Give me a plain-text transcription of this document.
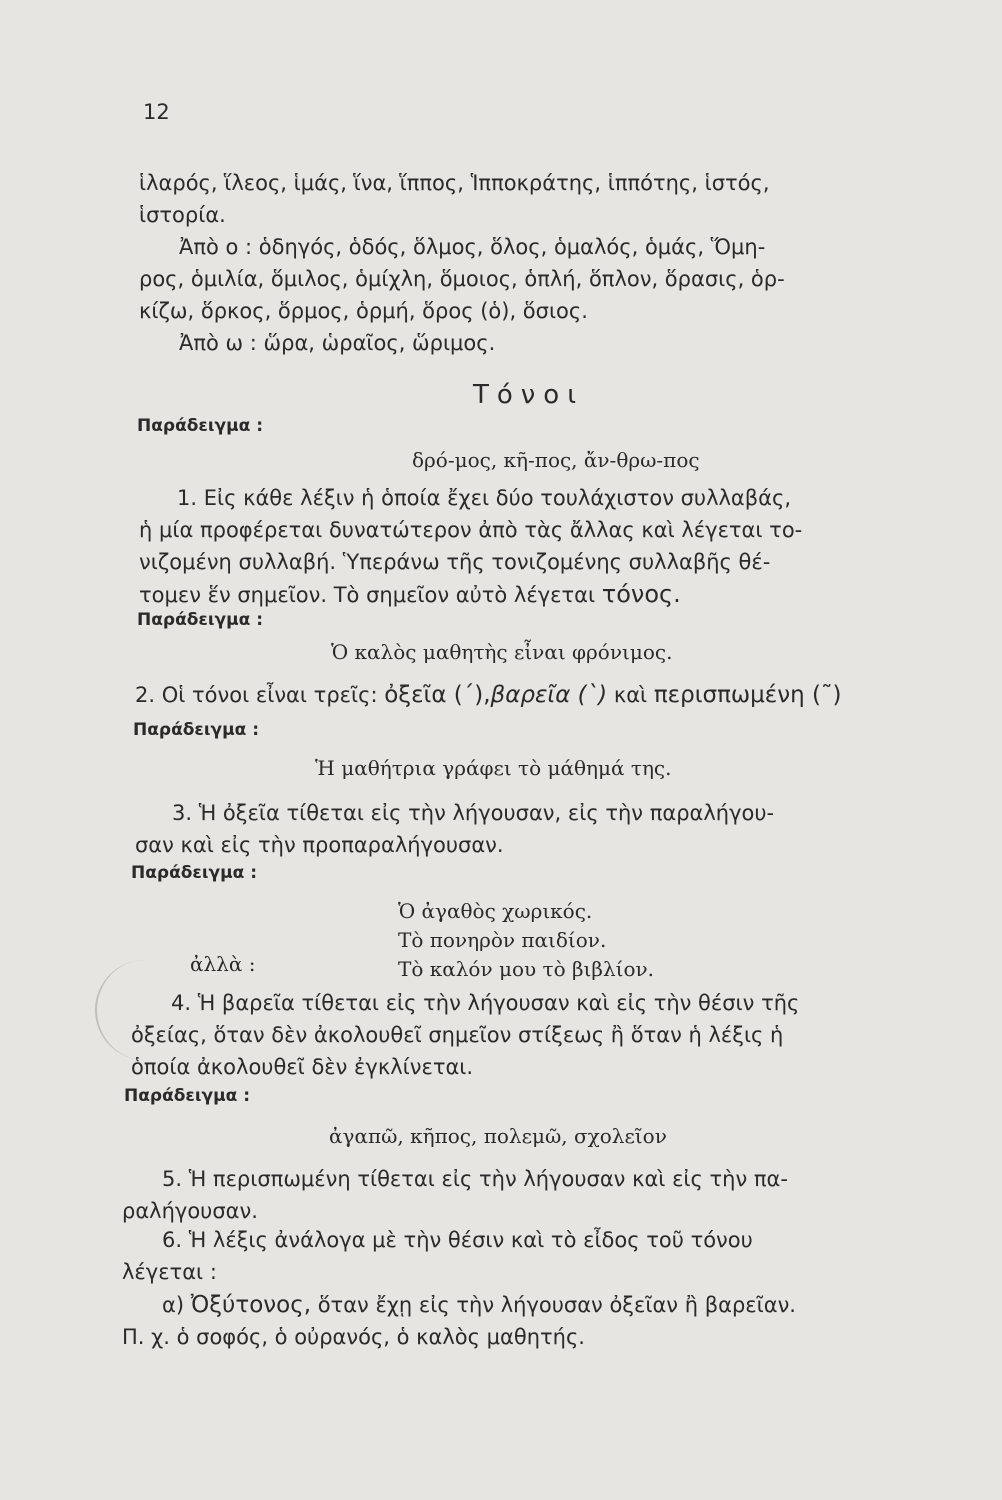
12
ἱλαρός, ἵλεος, ἱμάς, ἵνα, ἵππος, Ἱπποκράτης, ἱππότης, ἱστός,
ἱστορία.
Ἀπὸ ο : ὁδηγός, ὁδός, ὅλμος, ὅλος, ὁμαλός, ὁμάς, Ὅμη-
ρος, ὁμιλία, ὅμιλος, ὁμίχλη, ὅμοιος, ὁπλή, ὅπλον, ὅρασις, ὁρ-
κίζω, ὅρκος, ὅρμος, ὁρμή, ὅρος (ὁ), ὅσιος.
Ἀπὸ ω : ὥρα, ὡραῖος, ὥριμος.
Τόνοι
Παράδειγμα :
δρό-μος, κῆ-πος, ἄν-θρω-πος
1. Εἰς κάθε λέξιν ἡ ὁποία ἔχει δύο τουλάχιστον συλλαβάς,
ἡ μία προφέρεται δυνατώτερον ἀπὸ τὰς ἄλλας καὶ λέγεται το-
νιζομένη συλλαβή. Ὑπεράνω τῆς τονιζομένης συλλαβῆς θέ-
τομεν ἕν σημεῖον. Τὸ σημεῖον αὐτὸ λέγεται τόνος.
Παράδειγμα :
Ὁ καλὸς μαθητὴς εἶναι φρόνιμος.
2. Οἱ τόνοι εἶναι τρεῖς: ὀξεῖα (΄),βαρεῖα (`) καὶ περισπωμένη (῀)
Παράδειγμα :
Ἡ μαθήτρια γράφει τὸ μάθημά της.
3. Ἡ ὀξεῖα τίθεται εἰς τὴν λήγουσαν, εἰς τὴν παραλήγου-
σαν καὶ εἰς τὴν προπαραλήγουσαν.
Παράδειγμα :
Ὁ ἀγαθὸς χωρικός.
Τὸ πονηρὸν παιδίον.
Τὸ καλόν μου τὸ βιβλίον.
ἀλλὰ :
4. Ἡ βαρεῖα τίθεται εἰς τὴν λήγουσαν καὶ εἰς τὴν θέσιν τῆς
ὀξείας, ὅταν δὲν ἀκολουθεῖ σημεῖον στίξεως ἢ ὅταν ἡ λέξις ἡ
ὁποία ἀκολουθεῖ δὲν ἐγκλίνεται.
Παράδειγμα :
ἀγαπῶ, κῆπος, πολεμῶ, σχολεῖον
5. Ἡ περισπωμένη τίθεται εἰς τὴν λήγουσαν καὶ εἰς τὴν πα-
ραλήγουσαν.
6. Ἡ λέξις ἀνάλογα μὲ τὴν θέσιν καὶ τὸ εἶδος τοῦ τόνου
λέγεται :
α) Ὀξύτονος, ὅταν ἔχῃ εἰς τὴν λήγουσαν ὀξεῖαν ἢ βαρεῖαν.
Π. χ. ὁ σοφός, ὁ οὐρανός, ὁ καλὸς μαθητής.
